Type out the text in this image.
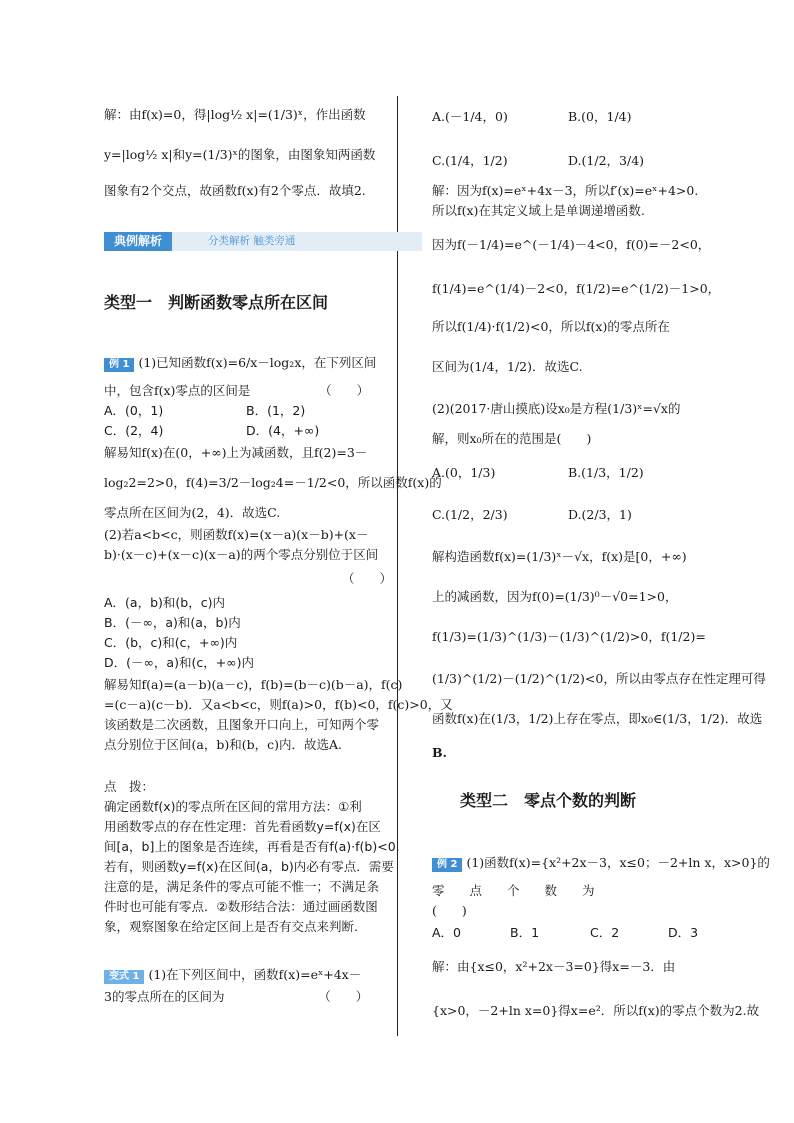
解：由f(x)=0，得|log½ x|=(1/3)ˣ，作出函数
y=|log½ x|和y=(1/3)ˣ的图象，由图象知两函数
图象有2个交点，故函数f(x)有2个零点．故填2.
典例解析	分类解析 触类旁通
类型一　判断函数零点所在区间
例 1 (1)已知函数f(x)=6/x－log₂x，在下列区间
中，包含f(x)零点的区间是　　　　　　（　　）
A．(0，1)	B．(1，2)
C．(2，4)	D．(4，+∞)
解易知f(x)在(0，+∞)上为减函数，且f(2)=3－
log₂2=2>0，f(4)=3/2－log₂4=－1/2<0，所以函数f(x)的
零点所在区间为(2，4)．故选C.
(2)若a<b<c，则函数f(x)=(x－a)(x－b)+(x－
b)·(x－c)+(x－c)(x－a)的两个零点分别位于区间
（　　）
A．(a，b)和(b，c)内
B．(－∞，a)和(a，b)内
C．(b，c)和(c，+∞)内
D．(－∞，a)和(c，+∞)内
解易知f(a)=(a－b)(a－c)，f(b)=(b－c)(b－a)，f(c)
=(c－a)(c－b)．又a<b<c，则f(a)>0，f(b)<0，f(c)>0，又
该函数是二次函数，且图象开口向上，可知两个零
点分别位于区间(a，b)和(b，c)内．故选A.
点　拨：
确定函数f(x)的零点所在区间的常用方法：①利
用函数零点的存在性定理：首先看函数y=f(x)在区
间[a，b]上的图象是否连续，再看是否有f(a)·f(b)<0.
若有，则函数y=f(x)在区间(a，b)内必有零点．需要
注意的是，满足条件的零点可能不惟一；不满足条
件时也可能有零点．②数形结合法：通过画函数图
象，观察图象在给定区间上是否有交点来判断.
变式 1 (1)在下列区间中，函数f(x)=eˣ+4x－
3的零点所在的区间为　　　　　　　　（　　）
A.(－1/4，0)	B.(0，1/4)
C.(1/4，1/2)	D.(1/2，3/4)
解：因为f(x)=eˣ+4x－3，所以f′(x)=eˣ+4>0.
所以f(x)在其定义域上是单调递增函数.
因为f(－1/4)=e^(－1/4)－4<0，f(0)=－2<0，
f(1/4)=e^(1/4)－2<0，f(1/2)=e^(1/2)－1>0，
所以f(1/4)·f(1/2)<0，所以f(x)的零点所在
区间为(1/4，1/2)．故选C.
(2)(2017·唐山摸底)设x₀是方程(1/3)ˣ=√x的
解，则x₀所在的范围是(　　)
A.(0，1/3)	B.(1/3，1/2)
C.(1/2，2/3)	D.(2/3，1)
解构造函数f(x)=(1/3)ˣ－√x，f(x)是[0，+∞)
上的减函数，因为f(0)=(1/3)⁰－√0=1>0，
f(1/3)=(1/3)^(1/3)－(1/3)^(1/2)>0，f(1/2)=
(1/3)^(1/2)－(1/2)^(1/2)<0，所以由零点存在性定理可得
函数f(x)在(1/3，1/2)上存在零点，即x₀∈(1/3，1/2)．故选
B.
类型二　零点个数的判断
例 2 (1)函数f(x)={x²+2x－3，x≤0；－2+ln x，x>0}的
零　　点　　个　　数　　为
(　　)
A．0	B．1	C．2	D．3
解：由{x≤0，x²+2x－3=0}得x=－3．由
{x>0，－2+ln x=0}得x=e²．所以f(x)的零点个数为2.故
